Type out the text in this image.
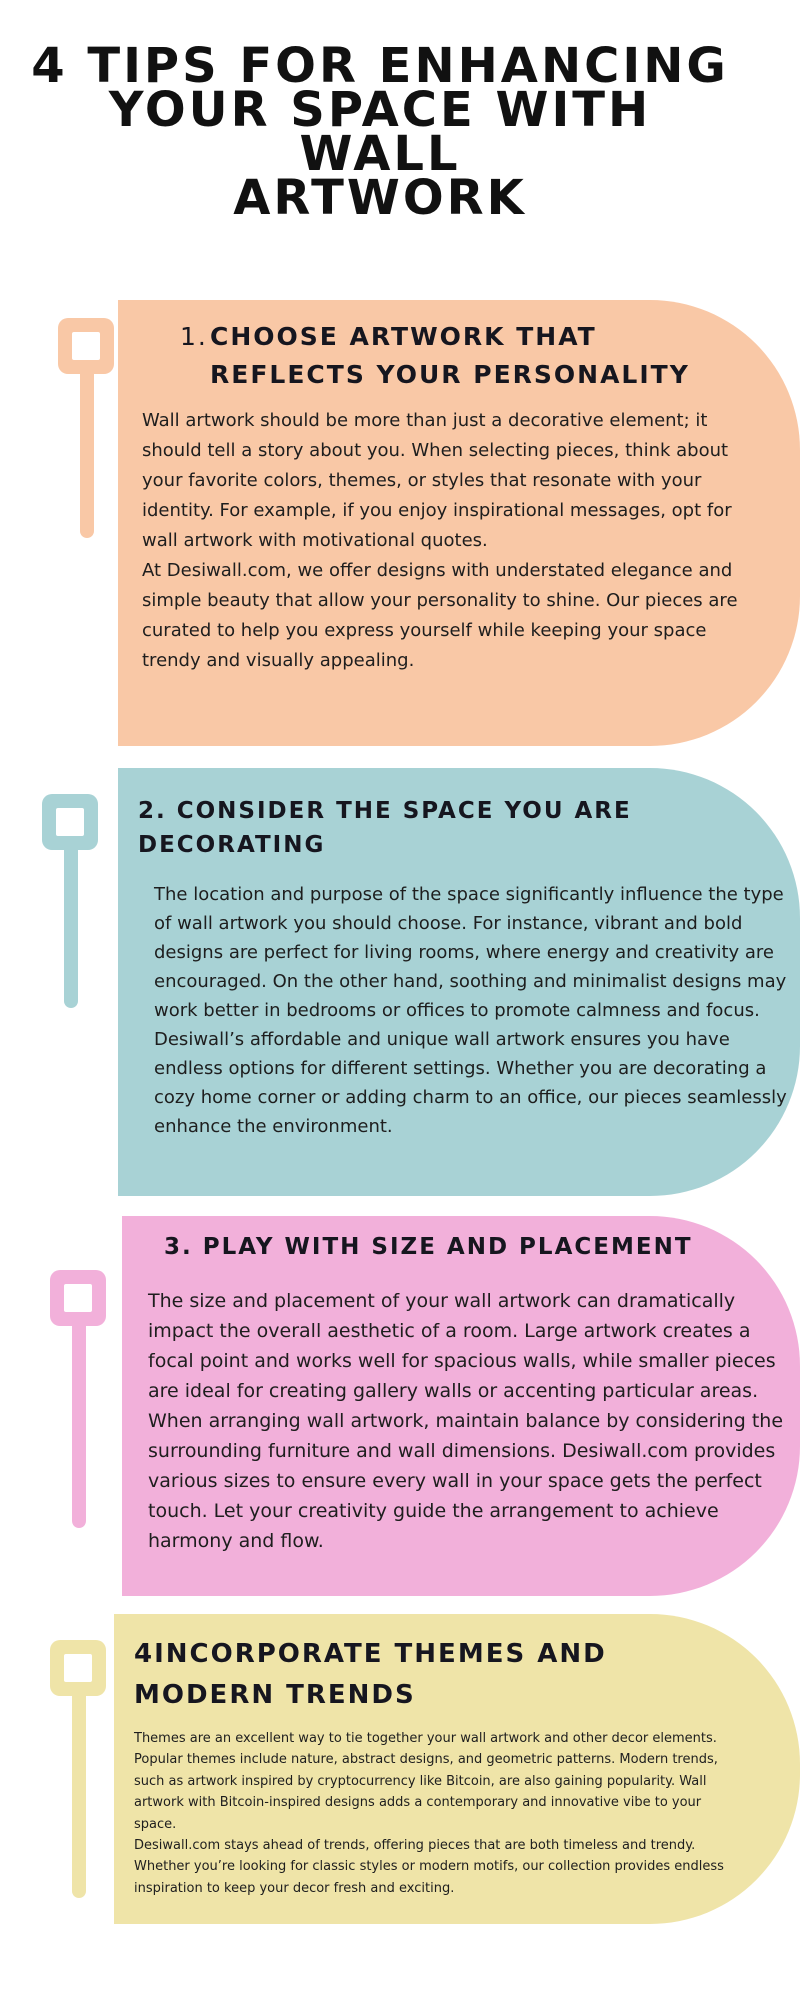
4 TIPS FOR ENHANCING
YOUR SPACE WITH WALL
ARTWORK
1. CHOOSE ARTWORK THAT REFLECTS YOUR PERSONALITY

Wall artwork should be more than just a decorative element; it should tell a story about you. When selecting pieces, think about your favorite colors, themes, or styles that resonate with your identity. For example, if you enjoy inspirational messages, opt for wall artwork with motivational quotes.
At Desiwall.com, we offer designs with understated elegance and simple beauty that allow your personality to shine. Our pieces are curated to help you express yourself while keeping your space trendy and visually appealing.

2. CONSIDER THE SPACE YOU ARE DECORATING

The location and purpose of the space significantly influence the type of wall artwork you should choose. For instance, vibrant and bold designs are perfect for living rooms, where energy and creativity are encouraged. On the other hand, soothing and minimalist designs may work better in bedrooms or offices to promote calmness and focus.
Desiwall’s affordable and unique wall artwork ensures you have endless options for different settings. Whether you are decorating a cozy home corner or adding charm to an office, our pieces seamlessly enhance the environment.

3. PLAY WITH SIZE AND PLACEMENT

The size and placement of your wall artwork can dramatically impact the overall aesthetic of a room. Large artwork creates a focal point and works well for spacious walls, while smaller pieces are ideal for creating gallery walls or accenting particular areas.
When arranging wall artwork, maintain balance by considering the surrounding furniture and wall dimensions. Desiwall.com provides various sizes to ensure every wall in your space gets the perfect touch. Let your creativity guide the arrangement to achieve harmony and flow.

4INCORPORATE THEMES AND MODERN TRENDS

Themes are an excellent way to tie together your wall artwork and other decor elements. Popular themes include nature, abstract designs, and geometric patterns. Modern trends, such as artwork inspired by cryptocurrency like Bitcoin, are also gaining popularity. Wall artwork with Bitcoin-inspired designs adds a contemporary and innovative vibe to your space.
Desiwall.com stays ahead of trends, offering pieces that are both timeless and trendy. Whether you’re looking for classic styles or modern motifs, our collection provides endless inspiration to keep your decor fresh and exciting.
